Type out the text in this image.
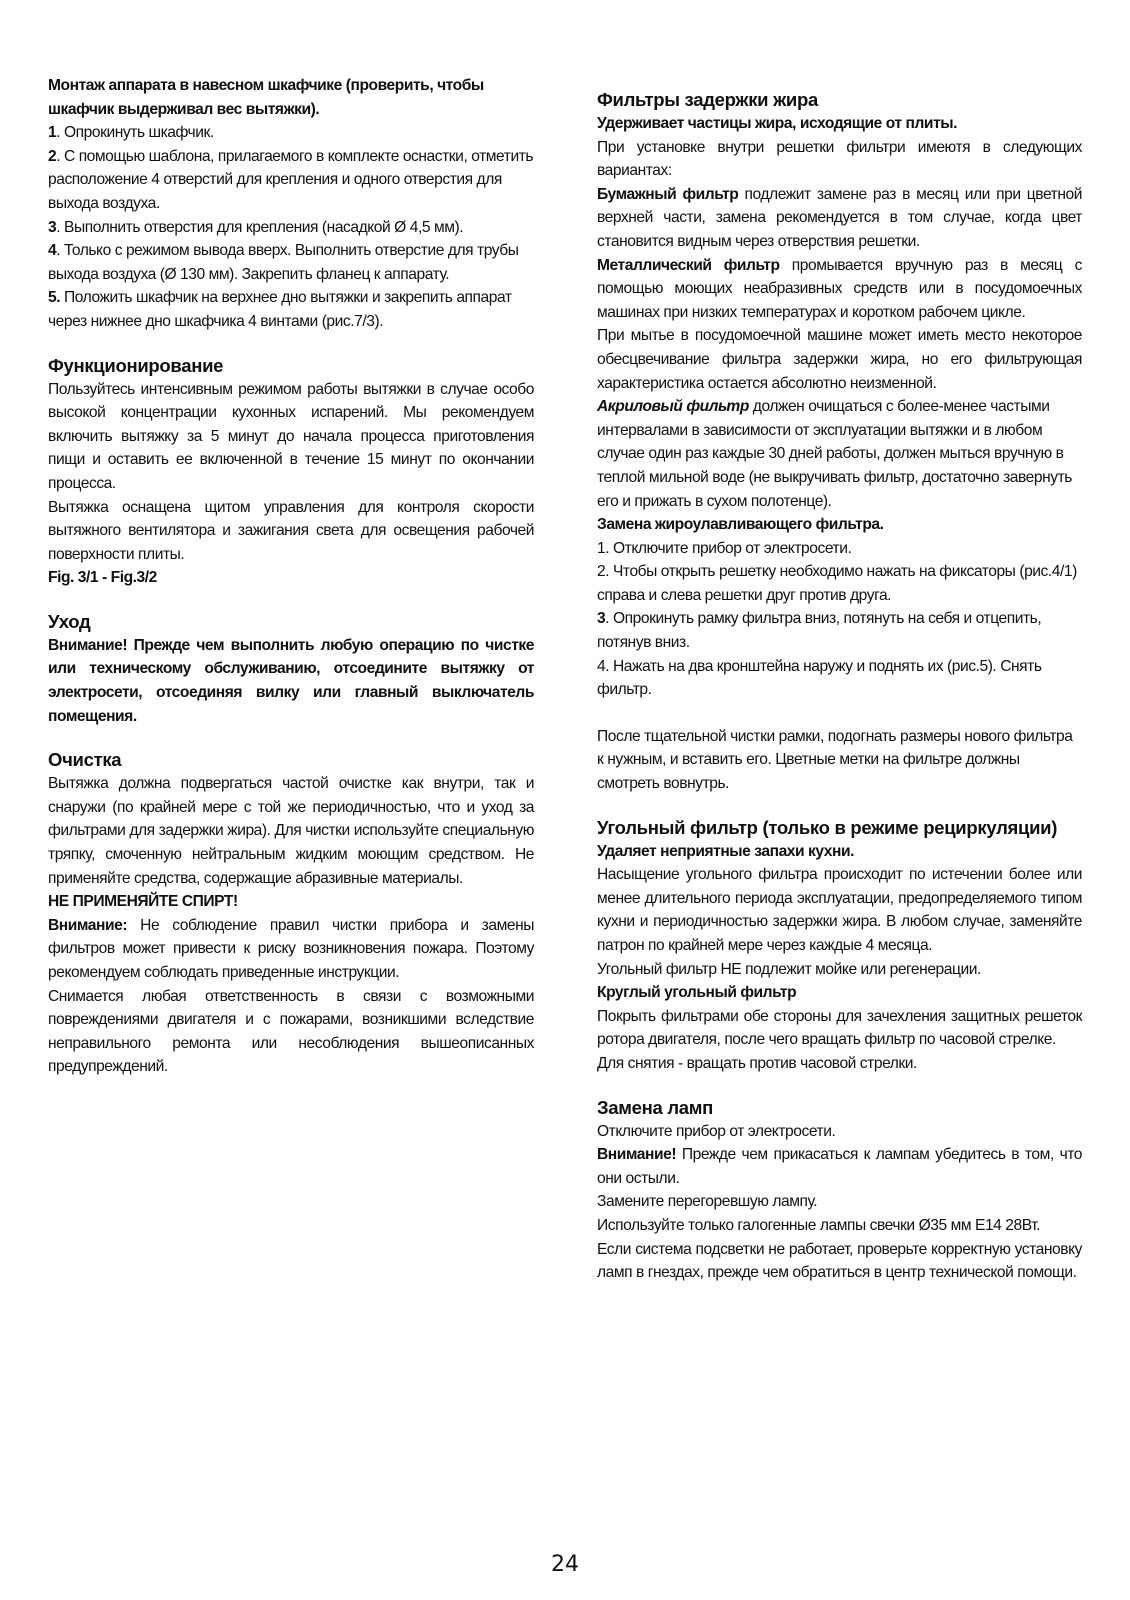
Монтаж аппарата в навесном шкафчике (проверить, чтобы шкафчик выдерживал вес вытяжки).

1. Опрокинуть шкафчик.

2. С помощью шаблона, прилагаемого в комплекте оснастки, отметить расположение 4 отверстий для крепления и одного отверстия для выхода воздуха.

3. Выполнить отверстия для крепления (насадкой Ø 4,5 мм).

4. Только с режимом вывода вверх. Выполнить отверстие для трубы выхода воздуха (Ø 130 мм). Закрепить фланец к аппарату.

5. Положить шкафчик на верхнее дно вытяжки и закрепить аппарат через нижнее дно шкафчика 4 винтами (рис.7/3).

Функционирование

Пользуйтесь интенсивным режимом работы вытяжки в случае особо высокой концентрации кухонных испарений. Мы рекомендуем включить вытяжку за 5 минут до начала процесса приготовления пищи и оставить ее включенной в течение 15 минут по окончании процесса.

Вытяжка оснащена щитом управления для контроля скорости вытяжного вентилятора и зажигания света для освещения рабочей поверхности плиты.

Fig. 3/1 - Fig.3/2

Уход

Внимание! Прежде чем выполнить любую операцию по чистке или техническому обслуживанию, отсоедините вытяжку от электросети, отсоединяя вилку или главный выключатель помещения.

Очистка

Вытяжка должна подвергаться частой очистке как внутри, так и снаружи (по крайней мере с той же периодичностью, что и уход за фильтрами для задержки жира). Для чистки используйте специальную тряпку, смоченную нейтральным жидким моющим средством. Не применяйте средства, содержащие абразивные материалы.

НЕ ПРИМЕНЯЙТЕ СПИРТ!

Внимание: Не соблюдение правил чистки прибора и замены фильтров может привести к риску возникновения пожара. Поэтому рекомендуем соблюдать приведенные инструкции.

Снимается любая ответственность в связи с возможными повреждениями двигателя и с пожарами, возникшими вследствие неправильного ремонта или несоблюдения вышеописанных предупреждений.

Фильтры задержки жира

Удерживает частицы жира, исходящие от плиты.

При установке внутри решетки фильтри имеютя в следующих вариантах:

Бумажный фильтр подлежит замене раз в месяц или при цветной верхней части, замена рекомендуется в том случае, когда цвет становится видным через отверствия решетки.

Металлический фильтр промывается вручную раз в месяц с помощью моющих неабразивных средств или в посудомоечных машинах при низких температурах и коротком рабочем цикле.

При мытье в посудомоечной машине может иметь место некоторое обесцвечивание фильтра задержки жира, но его фильтрующая характеристика остается абсолютно неизменной.

Акриловый фильтр должен очищаться с более-менее частыми интервалами в зависимости от эксплуатации вытяжки и в любом случае один раз каждые 30 дней работы, должен мыться вручную в теплой мильной воде (не выкручивать фильтр, достаточно завернуть его и прижать в сухом полотенце).

Замена жироулавливающего фильтра.

1. Отключите прибор от электросети.

2. Чтобы открыть решетку необходимо нажать на фиксаторы (рис.4/1) справа и слева решетки друг против друга.

3. Опрокинуть рамку фильтра вниз, потянуть на себя и отцепить, потянув вниз.

4. Нажать на два кронштейна наружу и поднять их (рис.5). Снять фильтр.

После тщательной чистки рамки, подогнать размеры нового фильтра к нужным, и вставить его. Цветные метки на фильтре должны смотреть вовнутрь.

Угольный фильтр (только в режиме рециркуляции)

Удаляет неприятные запахи кухни.

Насыщение угольного фильтра происходит по истечении более или менее длительного периода эксплуатации, предопределяемого типом кухни и периодичностью задержки жира. В любом случае, заменяйте патрон по крайней мере через каждые 4 месяца.

Угольный фильтр НЕ подлежит мойке или регенерации.

Круглый угольный фильтр

Покрыть фильтрами обе стороны для зачехления защитных решеток ротора двигателя, после чего вращать фильтр по часовой стрелке.

Для снятия - вращать против часовой стрелки.

Замена ламп

Отключите прибор от электросети.

Внимание! Прежде чем прикасаться к лампам убедитесь в том, что они остыли.

Замените перегоревшую лампу.

Используйте только галогенные лампы свечки Ø35 мм E14 28Вт.

Если система подсветки не работает, проверьте корректную установку ламп в гнездах, прежде чем обратиться в центр технической помощи.

24
